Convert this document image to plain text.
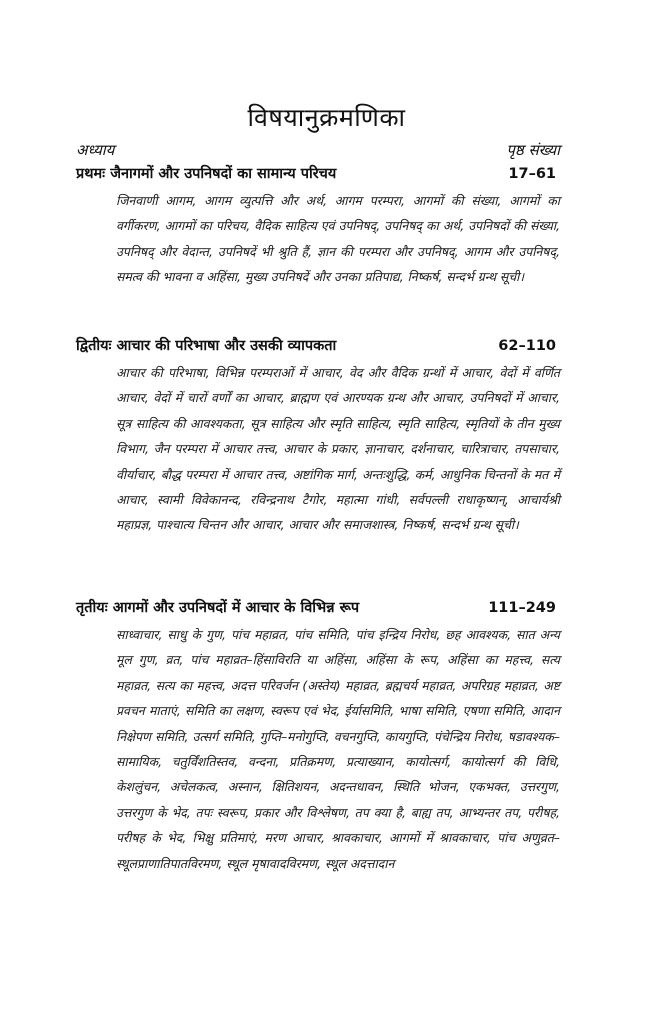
विषयानुक्रमणिका
अध्याय	पृष्ठ संख्या
प्रथमः जैनागमों और उपनिषदों का सामान्य परिचय	17–61
जिनवाणी आगम, आगम व्युत्पत्ति और अर्थ, आगम परम्परा, आगमों की संख्या, आगमों का वर्गीकरण, आगमों का परिचय, वैदिक साहित्य एवं उपनिषद्, उपनिषद् का अर्थ, उपनिषदों की संख्या, उपनिषद् और वेदान्त, उपनिषदें भी श्रुति हैं, ज्ञान की परम्परा और उपनिषद्, आगम और उपनिषद्, समत्व की भावना व अहिंसा, मुख्य उपनिषदें और उनका प्रतिपाद्य, निष्कर्ष, सन्दर्भ ग्रन्थ सूची।
द्वितीयः आचार की परिभाषा और उसकी व्यापकता	62–110
आचार की परिभाषा, विभिन्न परम्पराओं में आचार, वेद और वैदिक ग्रन्थों में आचार, वेदों में वर्णित आचार, वेदों में चारों वर्णों का आचार, ब्राह्मण एवं आरण्यक ग्रन्थ और आचार, उपनिषदों में आचार, सूत्र साहित्य की आवश्यकता, सूत्र साहित्य और स्मृति साहित्य, स्मृति साहित्य, स्मृतियों के तीन मुख्य विभाग, जैन परम्परा में आचार तत्त्व, आचार के प्रकार, ज्ञानाचार, दर्शनाचार, चारित्राचार, तपसाचार, वीर्याचार, बौद्ध परम्परा में आचार तत्त्व, अष्टांगिक मार्ग, अन्तःशुद्धि, कर्म, आधुनिक चिन्तनों के मत में आचार, स्वामी विवेकानन्द, रविन्द्रनाथ टैगोर, महात्मा गांधी, सर्वपल्ली राधाकृष्णन्, आचार्यश्री महाप्रज्ञ, पाश्चात्य चिन्तन और आचार, आचार और समाजशास्त्र, निष्कर्ष, सन्दर्भ ग्रन्थ सूची।
तृतीयः आगमों और उपनिषदों में आचार के विभिन्न रूप	111–249
साध्वाचार, साधु के गुण, पांच महाव्रत, पांच समिति, पांच इन्द्रिय निरोध, छह आवश्यक, सात अन्य मूल गुण, व्रत, पांच महाव्रत–हिंसाविरति या अहिंसा, अहिंसा के रूप, अहिंसा का महत्त्व, सत्य महाव्रत, सत्य का महत्त्व, अदत्त परिवर्जन (अस्तेय) महाव्रत, ब्रह्मचर्य महाव्रत, अपरिग्रह महाव्रत, अष्ट प्रवचन माताएं, समिति का लक्षण, स्वरूप एवं भेद, ईर्यासमिति, भाषा समिति, एषणा समिति, आदान निक्षेपण समिति, उत्सर्ग समिति, गुप्ति–मनोगुप्ति, वचनगुप्ति, कायगुप्ति, पंचेन्द्रिय निरोध, षडावश्यक–सामायिक, चतुर्विंशतिस्तव, वन्दना, प्रतिक्रमण, प्रत्याख्यान, कायोत्सर्ग, कायोत्सर्ग की विधि, केशलुंचन, अचेलकत्व, अस्नान, क्षितिशयन, अदन्तधावन, स्थिति भोजन, एकभक्त, उत्तरगुण, उत्तरगुण के भेद, तपः स्वरूप, प्रकार और विश्लेषण, तप क्या है, बाह्य तप, आभ्यन्तर तप, परीषह, परीषह के भेद, भिक्षु प्रतिमाएं, मरण आचार, श्रावकाचार, आगमों में श्रावकाचार, पांच अणुव्रत– स्थूलप्राणातिपातविरमण, स्थूल मृषावादविरमण, स्थूल अदत्तादान
